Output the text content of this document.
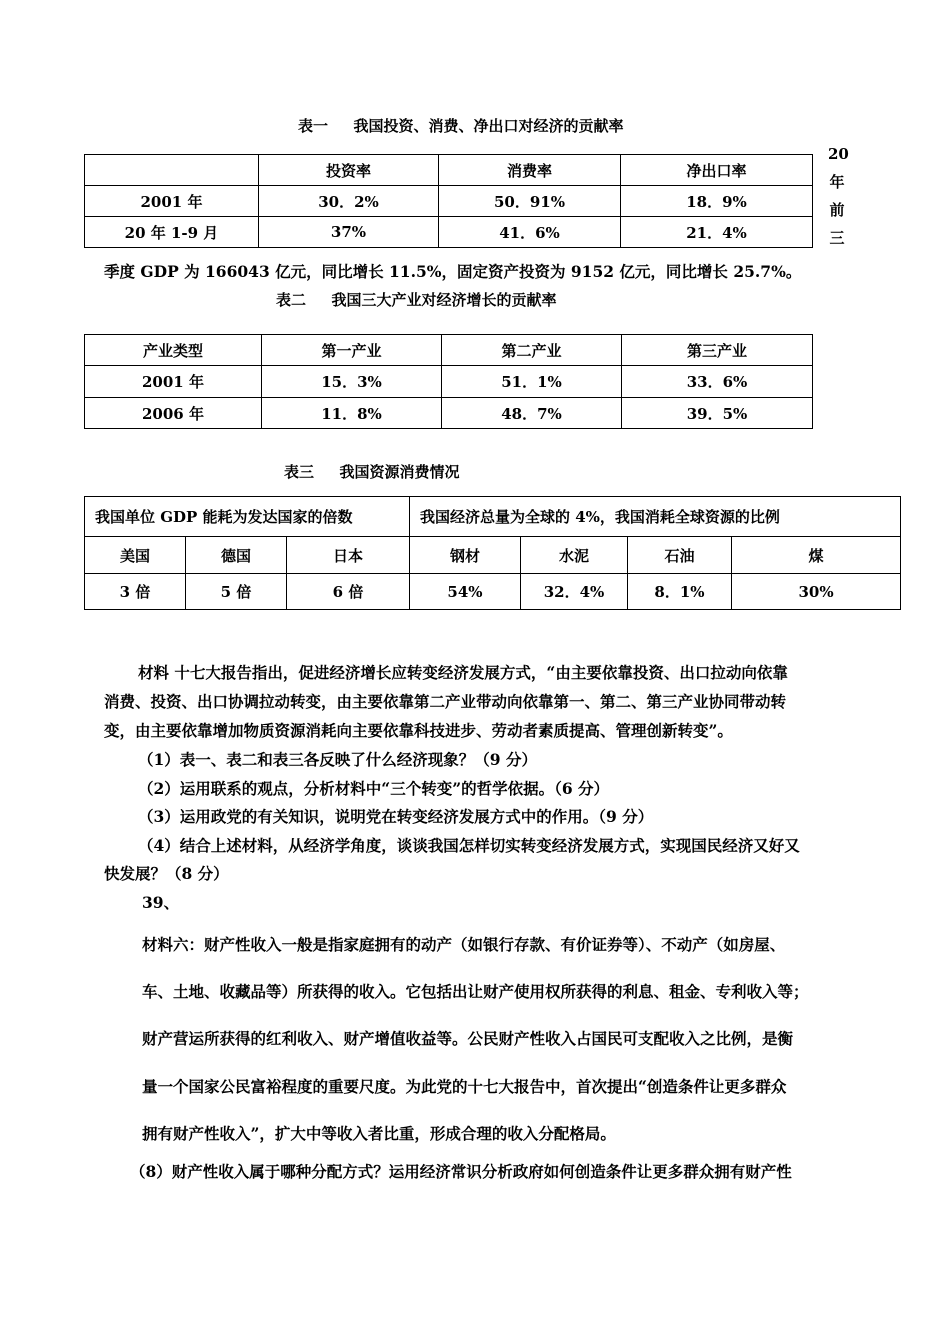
表一　  我国投资、消费、净出口对经济的贡献率
	投资率	消费率	净出口率
2001 年	30．2%	50．91%	18．9%
20 年 1-9 月	37%	41．6%	21．4%
20
年
前
三
季度 GDP 为 166043 亿元，同比增长 11.5%，固定资产投资为 9152 亿元，同比增长 25.7%。
表二　  我国三大产业对经济增长的贡献率
产业类型	第一产业	第二产业	第三产业
2001 年	15．3%	51．1%	33．6%
2006 年	11．8%	48．7%	39．5%
表三　  我国资源消费情况
我国单位 GDP 能耗为发达国家的倍数			我国经济总量为全球的 4%，我国消耗全球资源的比例			
美国	德国	日本	钢材	水泥	石油	煤
3 倍	5 倍	6 倍	54%	32．4%	8．1%	30%
材料 十七大报告指出，促进经济增长应转变经济发展方式，“由主要依靠投资、出口拉动向依靠
消费、投资、出口协调拉动转变，由主要依靠第二产业带动向依靠第一、第二、第三产业协同带动转
变，由主要依靠增加物质资源消耗向主要依靠科技进步、劳动者素质提高、管理创新转变”。
（1）表一、表二和表三各反映了什么经济现象？（9 分）
（2）运用联系的观点，分析材料中“三个转变”的哲学依据。（6 分）
（3）运用政党的有关知识，说明党在转变经济发展方式中的作用。（9 分）
（4）结合上述材料，从经济学角度，谈谈我国怎样切实转变经济发展方式，实现国民经济又好又
快发展？（8 分）
39、
材料六：财产性收入一般是指家庭拥有的动产（如银行存款、有价证券等）、不动产（如房屋、
车、土地、收藏品等）所获得的收入。它包括出让财产使用权所获得的利息、租金、专利收入等；
财产营运所获得的红利收入、财产增值收益等。公民财产性收入占国民可支配收入之比例，是衡
量一个国家公民富裕程度的重要尺度。为此党的十七大报告中，首次提出“创造条件让更多群众
拥有财产性收入”，扩大中等收入者比重，形成合理的收入分配格局。
（8）财产性收入属于哪种分配方式？运用经济常识分析政府如何创造条件让更多群众拥有财产性
